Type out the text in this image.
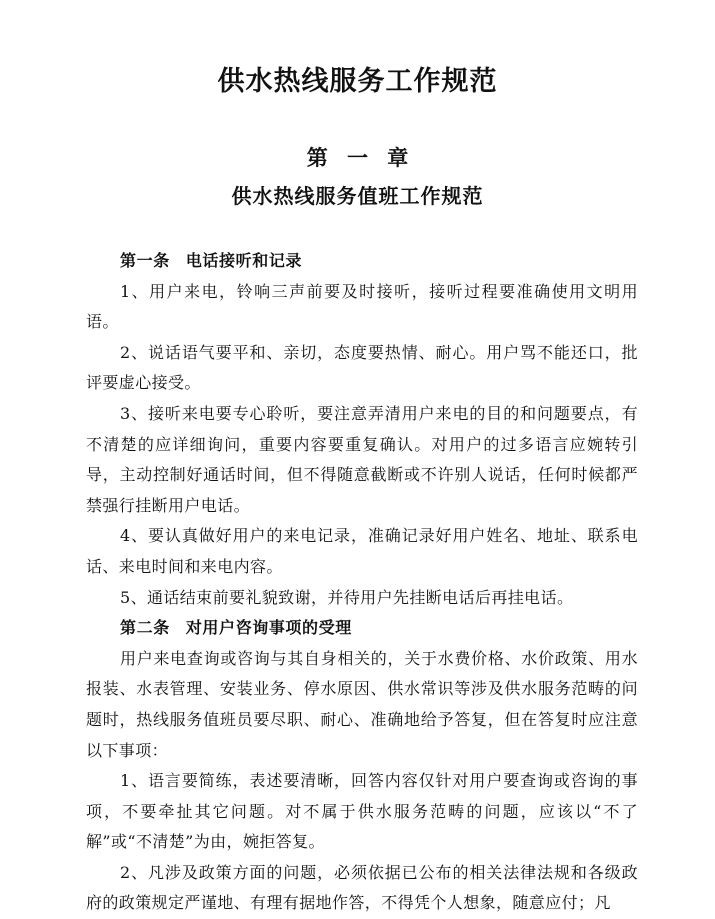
供水热线服务工作规范
第 一 章
供水热线服务值班工作规范

第一条 电话接听和记录

1、用户来电，铃响三声前要及时接听，接听过程要准确使用文明用语。

2、说话语气要平和、亲切，态度要热情、耐心。用户骂不能还口，批评要虚心接受。

3、接听来电要专心聆听，要注意弄清用户来电的目的和问题要点，有不清楚的应详细询问，重要内容要重复确认。对用户的过多语言应婉转引导，主动控制好通话时间，但不得随意截断或不许别人说话，任何时候都严禁强行挂断用户电话。

4、要认真做好用户的来电记录，准确记录好用户姓名、地址、联系电话、来电时间和来电内容。

5、通话结束前要礼貌致谢，并待用户先挂断电话后再挂电话。

第二条 对用户咨询事项的受理

用户来电查询或咨询与其自身相关的，关于水费价格、水价政策、用水报装、水表管理、安装业务、停水原因、供水常识等涉及供水服务范畴的问题时，热线服务值班员要尽职、耐心、准确地给予答复，但在答复时应注意以下事项：

1、语言要简练，表述要清晰，回答内容仅针对用户要查询或咨询的事项，不要牵扯其它问题。对不属于供水服务范畴的问题，应该以“不了解”或“不清楚”为由，婉拒答复。

2、凡涉及政策方面的问题，必须依据已公布的相关法律法规和各级政府的政策规定严谨地、有理有据地作答，不得凭个人想象，随意应付；凡
